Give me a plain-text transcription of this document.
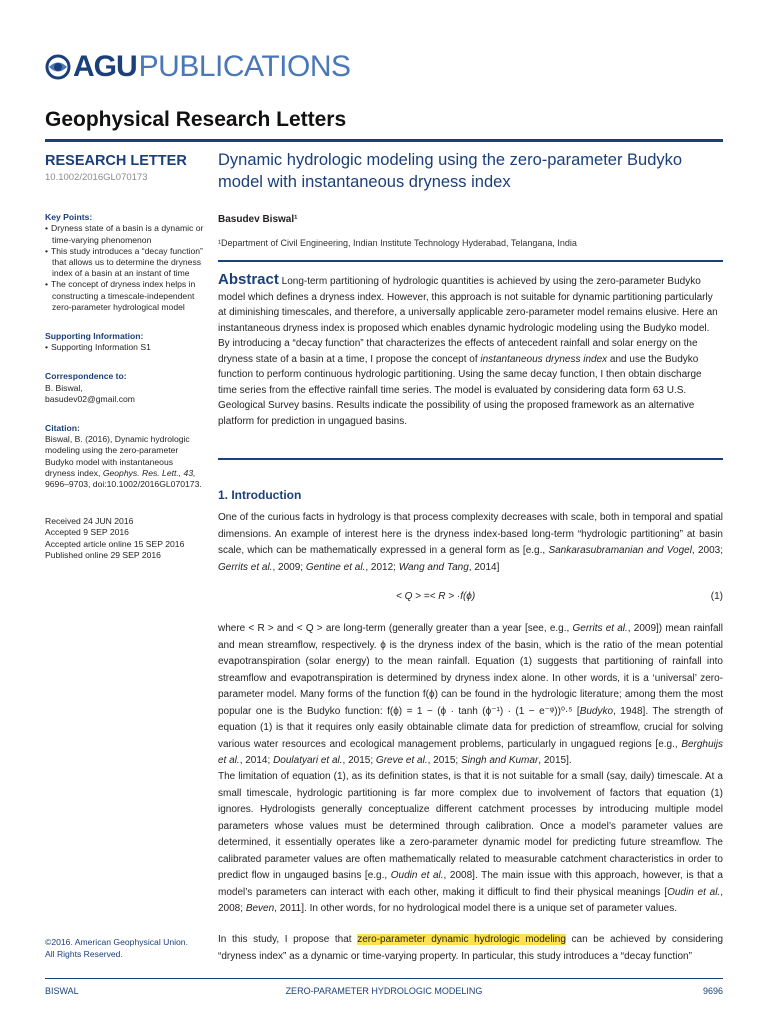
AGU PUBLICATIONS
Geophysical Research Letters
RESEARCH LETTER
10.1002/2016GL070173
Key Points:
• Dryness state of a basin is a dynamic or time-varying phenomenon
• This study introduces a “decay function” that allows us to determine the dryness index of a basin at an instant of time
• The concept of dryness index helps in constructing a timescale-independent zero-parameter hydrological model
Supporting Information:
• Supporting Information S1
Correspondence to:
B. Biswal,
basudev02@gmail.com
Citation:
Biswal, B. (2016), Dynamic hydrologic modeling using the zero-parameter Budyko model with instantaneous dryness index, Geophys. Res. Lett., 43, 9696–9703, doi:10.1002/2016GL070173.
Received 24 JUN 2016
Accepted 9 SEP 2016
Accepted article online 15 SEP 2016
Published online 29 SEP 2016
©2016. American Geophysical Union.
All Rights Reserved.
Dynamic hydrologic modeling using the zero-parameter Budyko model with instantaneous dryness index
Basudev Biswal¹
¹Department of Civil Engineering, Indian Institute Technology Hyderabad, Telangana, India
Abstract Long-term partitioning of hydrologic quantities is achieved by using the zero-parameter Budyko model which defines a dryness index. However, this approach is not suitable for dynamic partitioning particularly at diminishing timescales, and therefore, a universally applicable zero-parameter model remains elusive. Here an instantaneous dryness index is proposed which enables dynamic hydrologic modeling using the Budyko model. By introducing a “decay function” that characterizes the effects of antecedent rainfall and solar energy on the dryness state of a basin at a time, I propose the concept of instantaneous dryness index and use the Budyko function to perform continuous hydrologic partitioning. Using the same decay function, I then obtain discharge time series from the effective rainfall time series. The model is evaluated by considering data form 63 U.S. Geological Survey basins. Results indicate the possibility of using the proposed framework as an alternative platform for prediction in ungagued basins.
1. Introduction
One of the curious facts in hydrology is that process complexity decreases with scale, both in temporal and spatial dimensions. An example of interest here is the dryness index-based long-term “hydrologic partitioning” at basin scale, which can be mathematically expressed in a general form as [e.g., Sankarasubramanian and Vogel, 2003; Gerrits et al., 2009; Gentine et al., 2012; Wang and Tang, 2014]
< Q > =< R > ·f(ϕ)	(1)
where < R > and < Q > are long-term (generally greater than a year [see, e.g., Gerrits et al., 2009]) mean rainfall and mean streamflow, respectively. ϕ is the dryness index of the basin, which is the ratio of the mean potential evapotranspiration (solar energy) to the mean rainfall. Equation (1) suggests that partitioning of rainfall into streamflow and evapotranspiration is determined by dryness index alone. In other words, it is a ‘universal’ zero-parameter model. Many forms of the function f(ϕ) can be found in the hydrologic literature; among them the most popular one is the Budyko function: f(ϕ) = 1 − (ϕ · tanh (ϕ⁻¹) · (1 − e⁻ᵠ))⁰·⁵ [Budyko, 1948]. The strength of equation (1) is that it requires only easily obtainable climate data for prediction of streamflow, crucial for solving various water resources and ecological management problems, particularly in ungagued regions [e.g., Berghuijs et al., 2014; Doulatyari et al., 2015; Greve et al., 2015; Singh and Kumar, 2015].
The limitation of equation (1), as its definition states, is that it is not suitable for a small (say, daily) timescale. At a small timescale, hydrologic partitioning is far more complex due to involvement of factors that equation (1) ignores. Hydrologists generally conceptualize different catchment processes by introducing multiple model parameters whose values must be determined through calibration. Once a model’s parameter values are determined, it essentially operates like a zero-parameter dynamic model for predicting future streamflow. The calibrated parameter values are often mathematically related to measurable catchment characteristics in order to predict flow in ungauged basins [e.g., Oudin et al., 2008]. The main issue with this approach, however, is that a model’s parameters can interact with each other, making it difficult to find their physical meanings [Oudin et al., 2008; Beven, 2011]. In other words, for no hydrological model there is a unique set of parameter values.
In this study, I propose that zero-parameter dynamic hydrologic modeling can be achieved by considering “dryness index” as a dynamic or time-varying property. In particular, this study introduces a “decay function”
BISWAL	ZERO-PARAMETER HYDROLOGIC MODELING	9696
